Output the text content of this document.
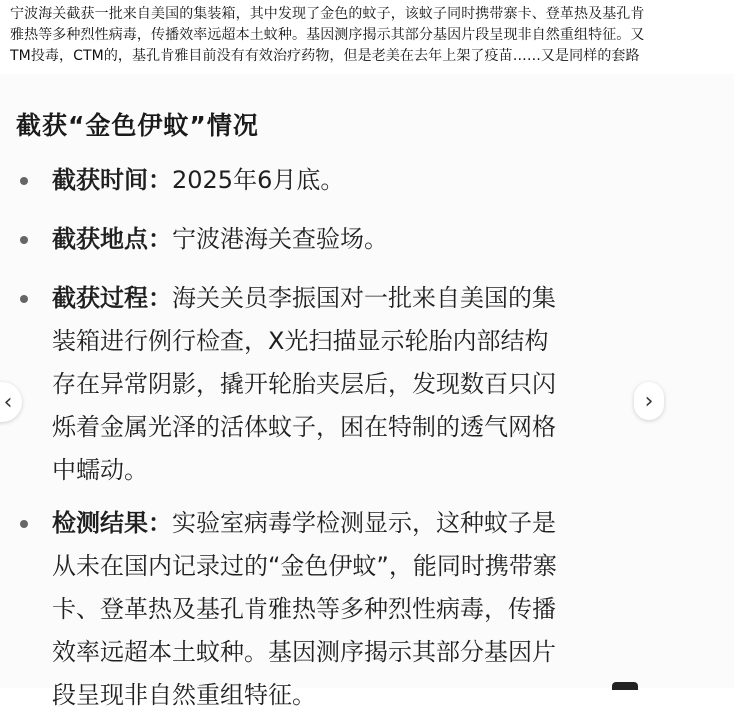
宁波海关截获一批来自美国的集装箱，其中发现了金色的蚊子，该蚊子同时携带寨卡、登革热及基孔肯
雅热等多种烈性病毒，传播效率远超本土蚊种。基因测序揭示其部分基因片段呈现非自然重组特征。又
TM投毒，CTM的，基孔肯雅目前没有有效治疗药物，但是老美在去年上架了疫苗……又是同样的套路
截获“金色伊蚊”情况
截获时间：2025年6月底。
截获地点：宁波港海关查验场。
截获过程：海关关员李振国对一批来自美国的集
装箱进行例行检查，X光扫描显示轮胎内部结构
存在异常阴影，撬开轮胎夹层后，发现数百只闪
烁着金属光泽的活体蚊子，困在特制的透气网格
中蠕动。
检测结果：实验室病毒学检测显示，这种蚊子是
从未在国内记录过的“金色伊蚊”，能同时携带寨
卡、登革热及基孔肯雅热等多种烈性病毒，传播
效率远超本土蚊种。基因测序揭示其部分基因片
段呈现非自然重组特征。
‹	›
